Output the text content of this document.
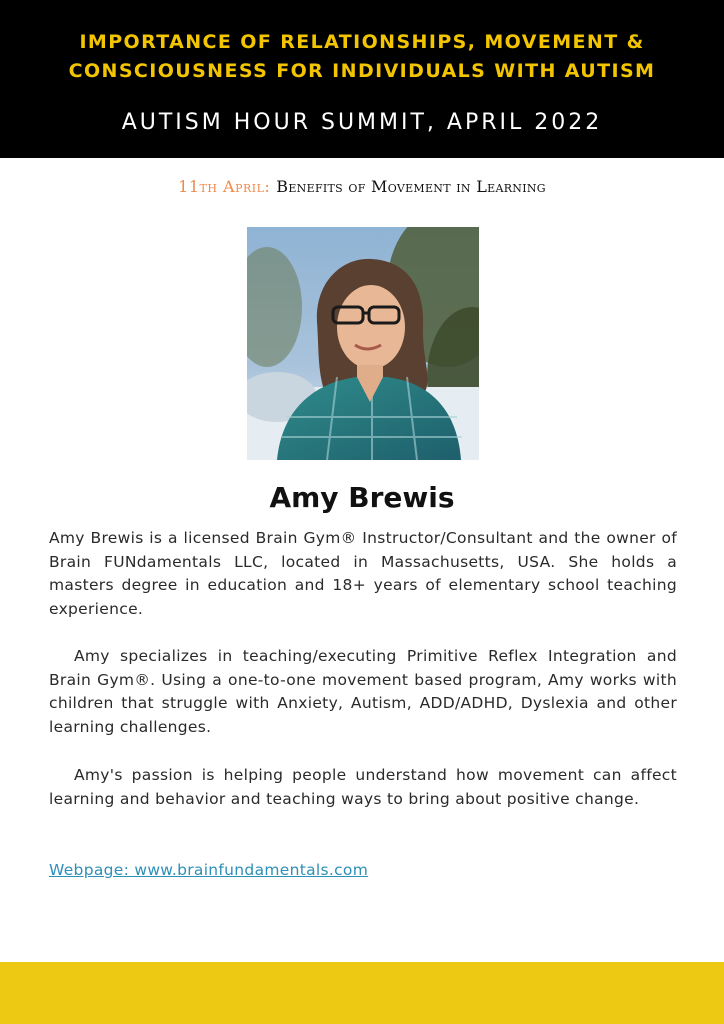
IMPORTANCE OF RELATIONSHIPS, MOVEMENT &
CONSCIOUSNESS FOR INDIVIDUALS WITH AUTISM
AUTISM HOUR SUMMIT, APRIL 2022
11th April: Benefits of Movement in Learning
Amy Brewis

Amy Brewis is a licensed Brain Gym® Instructor/Consultant and the owner of Brain FUNdamentals LLC, located in Massachusetts, USA. She holds a masters degree in education and 18+ years of elementary school teaching experience.

Amy specializes in teaching/executing Primitive Reflex Integration and Brain Gym®. Using a one-to-one movement based program, Amy works with children that struggle with Anxiety, Autism, ADD/ADHD, Dyslexia and other learning challenges.

Amy's passion is helping people understand how movement can affect learning and behavior and teaching ways to bring about positive change.

Webpage: www.brainfundamentals.com
